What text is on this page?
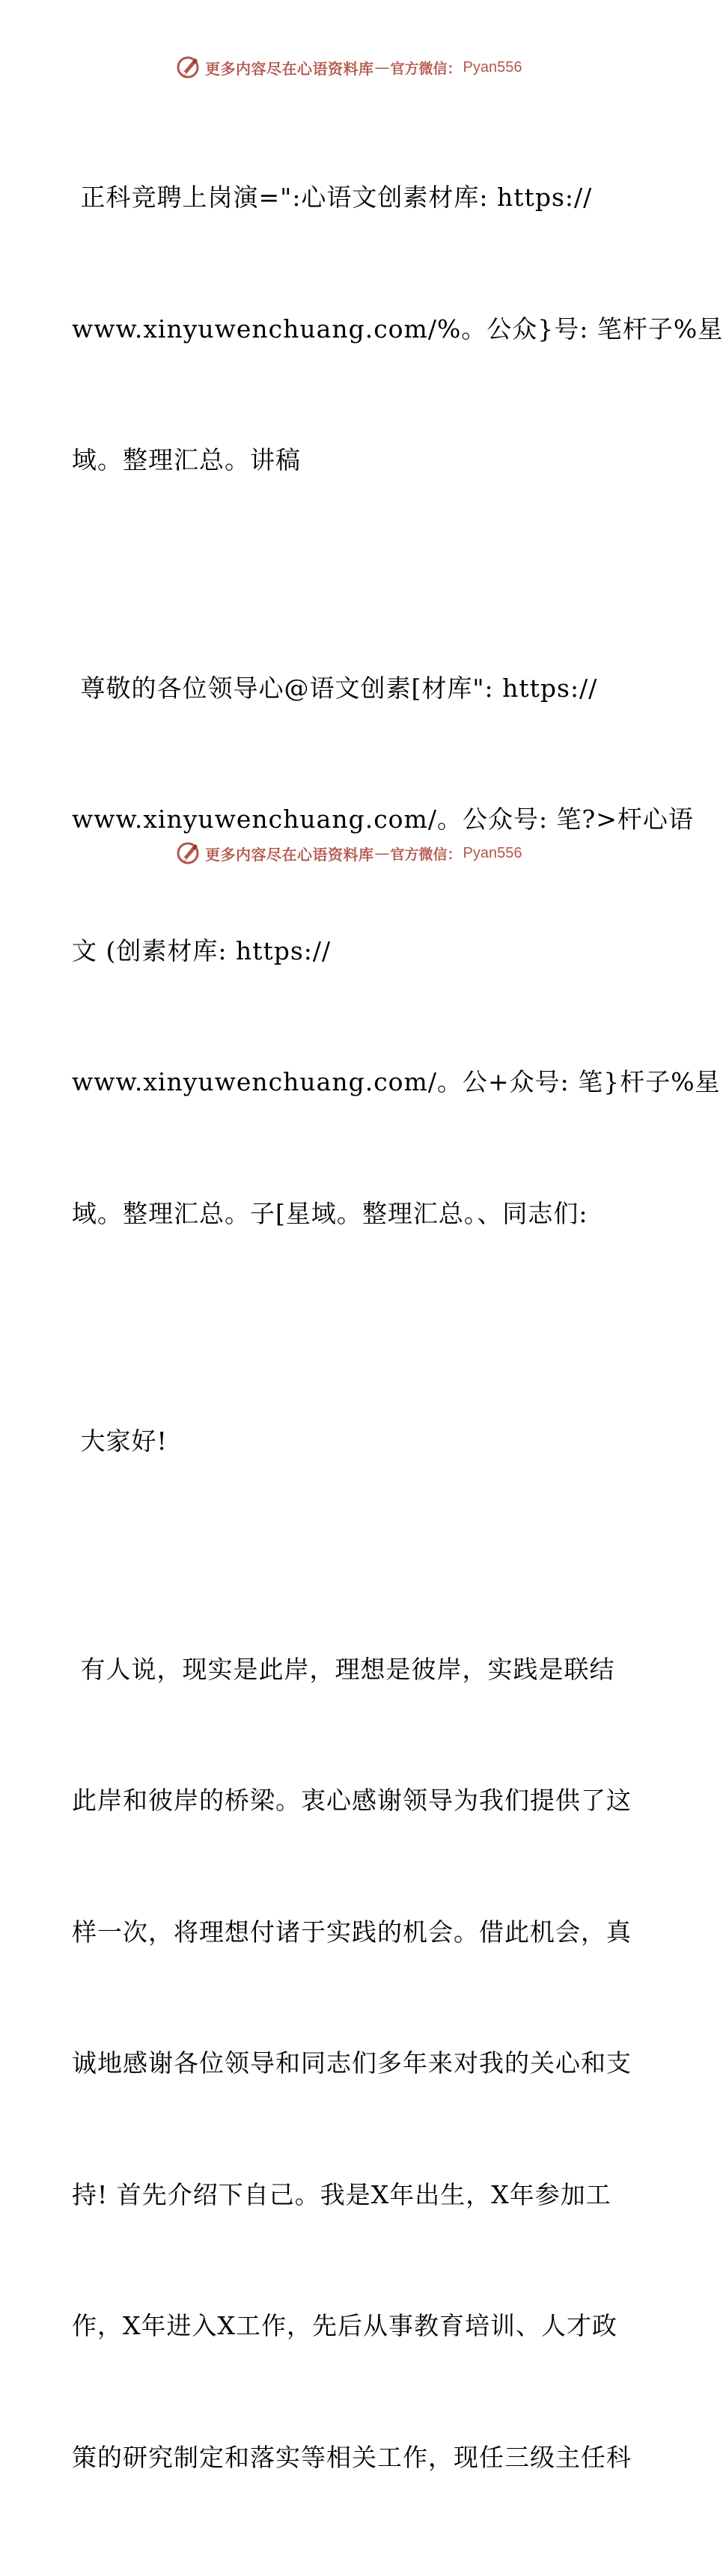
更多内容尽在心语资料库 — 官方微信： Pyan556

正科竞聘上岗演=":心语文创素材库: https://

www.xinyuwenchuang.com/%。公众}号: 笔杆子%星

域。整理汇总。讲稿

尊敬的各位领导心@语文创素[材库": https://

www.xinyuwenchuang.com/。公众号: 笔?>杆心语

文 (创素材库: https://

www.xinyuwenchuang.com/。公+众号: 笔}杆子%星

域。整理汇总。子[星域。整理汇总。、同志们:

大家好!

有人说，现实是此岸，理想是彼岸，实践是联结

此岸和彼岸的桥梁。衷心感谢领导为我们提供了这

样一次，将理想付诸于实践的机会。借此机会，真

诚地感谢各位领导和同志们多年来对我的关心和支

持! 首先介绍下自己。我是X年出生，X年参加工

作，X年进入X工作，先后从事教育培训、人才政

策的研究制定和落实等相关工作，现任三级主任科

更多内容尽在心语资料库 — 官方微信： Pyan556
